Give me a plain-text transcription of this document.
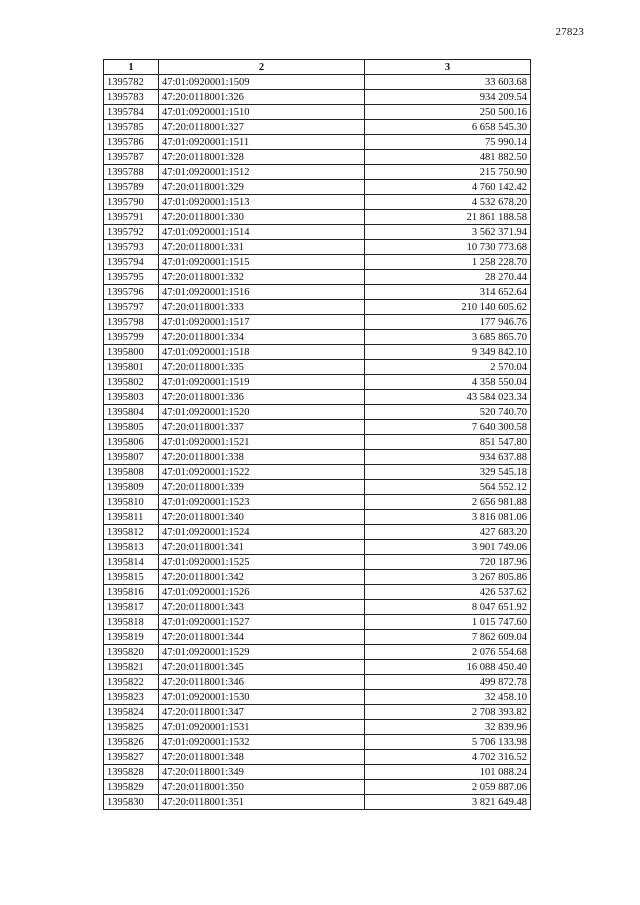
27823
1	2	3
1395782	47:01:0920001:1509	33 603.68
1395783	47:20:0118001:326	934 209.54
1395784	47:01:0920001:1510	250 500.16
1395785	47:20:0118001:327	6 658 545.30
1395786	47:01:0920001:1511	75 990.14
1395787	47:20:0118001:328	481 882.50
1395788	47:01:0920001:1512	215 750.90
1395789	47:20:0118001:329	4 760 142.42
1395790	47:01:0920001:1513	4 532 678.20
1395791	47:20:0118001:330	21 861 188.58
1395792	47:01:0920001:1514	3 562 371.94
1395793	47:20:0118001:331	10 730 773.68
1395794	47:01:0920001:1515	1 258 228.70
1395795	47:20:0118001:332	28 270.44
1395796	47:01:0920001:1516	314 652.64
1395797	47:20:0118001:333	210 140 605.62
1395798	47:01:0920001:1517	177 946.76
1395799	47:20:0118001:334	3 685 865.70
1395800	47:01:0920001:1518	9 349 842.10
1395801	47:20:0118001:335	2 570.04
1395802	47:01:0920001:1519	4 358 550.04
1395803	47:20:0118001:336	43 584 023.34
1395804	47:01:0920001:1520	520 740.70
1395805	47:20:0118001:337	7 640 300.58
1395806	47:01:0920001:1521	851 547.80
1395807	47:20:0118001:338	934 637.88
1395808	47:01:0920001:1522	329 545.18
1395809	47:20:0118001:339	564 552.12
1395810	47:01:0920001:1523	2 656 981.88
1395811	47:20:0118001:340	3 816 081.06
1395812	47:01:0920001:1524	427 683.20
1395813	47:20:0118001:341	3 901 749.06
1395814	47:01:0920001:1525	720 187.96
1395815	47:20:0118001:342	3 267 805.86
1395816	47:01:0920001:1526	426 537.62
1395817	47:20:0118001:343	8 047 651.92
1395818	47:01:0920001:1527	1 015 747.60
1395819	47:20:0118001:344	7 862 609.04
1395820	47:01:0920001:1529	2 076 554.68
1395821	47:20:0118001:345	16 088 450.40
1395822	47:20:0118001:346	499 872.78
1395823	47:01:0920001:1530	32 458.10
1395824	47:20:0118001:347	2 708 393.82
1395825	47:01:0920001:1531	32 839.96
1395826	47:01:0920001:1532	5 706 133.98
1395827	47:20:0118001:348	4 702 316.52
1395828	47:20:0118001:349	101 088.24
1395829	47:20:0118001:350	2 059 887.06
1395830	47:20:0118001:351	3 821 649.48
